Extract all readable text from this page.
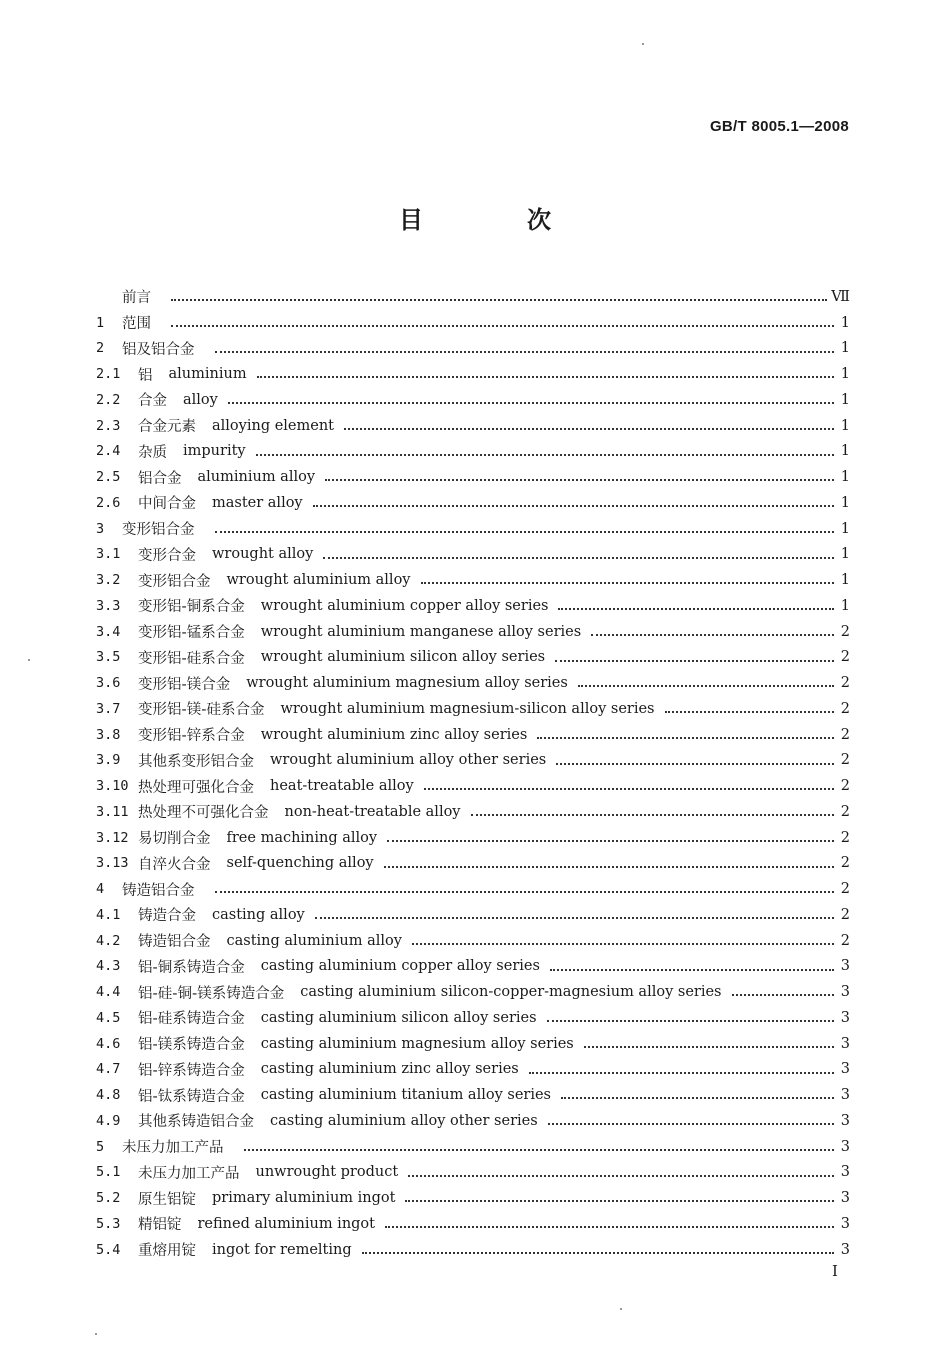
GB/T 8005.1—2008
目　次
前言	Ⅶ
1	范围	1
2	铝及铝合金	1
2.1	铝 aluminium	1
2.2	合金 alloy	1
2.3	合金元素 alloying element	1
2.4	杂质 impurity	1
2.5	铝合金 aluminium alloy	1
2.6	中间合金 master alloy	1
3	变形铝合金	1
3.1	变形合金 wrought alloy	1
3.2	变形铝合金 wrought aluminium alloy	1
3.3	变形铝-铜系合金 wrought aluminium copper alloy series	1
3.4	变形铝-锰系合金 wrought aluminium manganese alloy series	2
3.5	变形铝-硅系合金 wrought aluminium silicon alloy series	2
3.6	变形铝-镁合金 wrought aluminium magnesium alloy series	2
3.7	变形铝-镁-硅系合金 wrought aluminium magnesium-silicon alloy series	2
3.8	变形铝-锌系合金 wrought aluminium zinc alloy series	2
3.9	其他系变形铝合金 wrought aluminium alloy other series	2
3.10 热处理可强化合金 heat-treatable alloy	2
3.11 热处理不可强化合金 non-heat-treatable alloy	2
3.12 易切削合金 free machining alloy	2
3.13 自淬火合金 self-quenching alloy	2
4	铸造铝合金	2
4.1	铸造合金 casting alloy	2
4.2	铸造铝合金 casting aluminium alloy	2
4.3	铝-铜系铸造合金 casting aluminium copper alloy series	3
4.4	铝-硅-铜-镁系铸造合金 casting aluminium silicon-copper-magnesium alloy series	3
4.5	铝-硅系铸造合金 casting aluminium silicon alloy series	3
4.6	铝-镁系铸造合金 casting aluminium magnesium alloy series	3
4.7	铝-锌系铸造合金 casting aluminium zinc alloy series	3
4.8	铝-钛系铸造合金 casting aluminium titanium alloy series	3
4.9	其他系铸造铝合金 casting aluminium alloy other series	3
5	未压力加工产品	3
5.1	未压力加工产品 unwrought product	3
5.2	原生铝锭 primary aluminium ingot	3
5.3	精铝锭 refined aluminium ingot	3
5.4	重熔用锭 ingot for remelting	3
I
